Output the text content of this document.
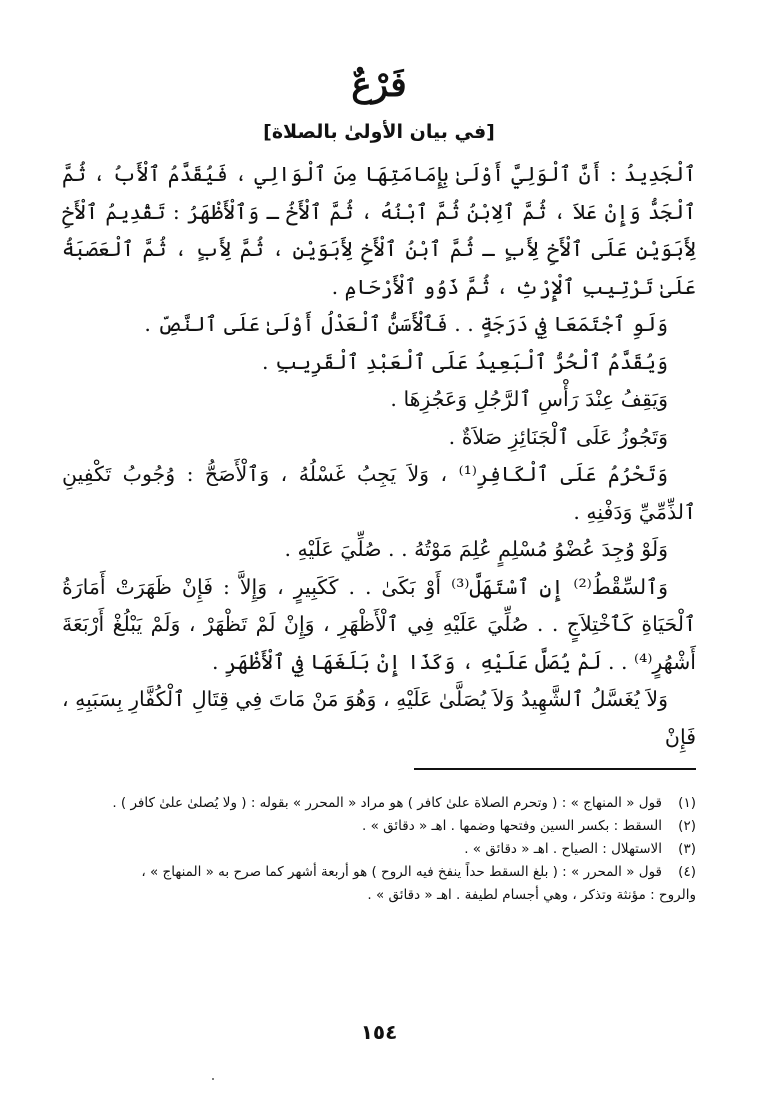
فَرْعٌ
[في بيان الأولىٰ بالصلاة]

ٱلْجَدِيدُ : أَنَّ ٱلْوَلِيَّ أَوْلَىٰ بِإِمَامَتِهَا مِنَ ٱلْوَالِي ، فَيُقَدَّمُ ٱلْأَبُ ، ثُمَّ ٱلْجَدُّ وَإِنْ عَلاَ ، ثُمَّ ٱلِابْنُ ثُمَّ ٱبْنُهُ ، ثُمَّ ٱلْأَخُ ـ وَٱلْأَظْهَرُ : تَقْدِيمُ ٱلْأَخِ لِأَبَوَيْنِ عَلَى ٱلْأَخِ لِأَبٍ ـ ثُمَّ ٱبْنُ ٱلْأَخِ لِأَبَوَيْنِ ، ثُمَّ لِأَبٍ ، ثُمَّ ٱلْعَصَبَةُ عَلَىٰ تَرْتِيبِ ٱلْإِرْثِ ، ثُمَّ ذَوُو ٱلْأَرْحَامِ .

وَلَوِ ٱجْتَمَعَا فِي دَرَجَةٍ . . فَٱلْأَسَنُّ ٱلْعَدْلُ أَوْلَىٰ عَلَى ٱلنَّصِّ .

وَيُقَدَّمُ ٱلْحُرُّ ٱلْبَعِيدُ عَلَى ٱلْعَبْدِ ٱلْقَرِيبِ .

وَيَقِفُ عِنْدَ رَأْسِ ٱلرَّجُلِ وَعَجُزِهَا .

وَتَجُوزُ عَلَى ٱلْجَنَائِزِ صَلاَةٌ .

وَتَحْرُمُ عَلَى ٱلْكَافِرِ⁽¹⁾ ، وَلاَ يَجِبُ غَسْلُهُ ، وَٱلْأَصَحُّ : وُجُوبُ تَكْفِينِ ٱلذِّمِّيِّ وَدَفْنِهِ .

وَلَوْ وُجِدَ عُضْوُ مُسْلِمٍ عُلِمَ مَوْتُهُ . . صُلِّيَ عَلَيْهِ .

وَٱلسِّقْطُ⁽²⁾ إِنِ ٱسْتَهَلَّ⁽³⁾ أَوْ بَكَىٰ . . كَكَبِيرٍ ، وَإِلاَّ : فَإِنْ ظَهَرَتْ أَمَارَةُ ٱلْحَيَاةِ كَٱخْتِلاَجٍ . . صُلِّيَ عَلَيْهِ فِي ٱلْأَظْهَرِ ، وَإِنْ لَمْ تَظْهَرْ ، وَلَمْ يَبْلُغْ أَرْبَعَةَ أَشْهُرٍ⁽⁴⁾ . . لَمْ يُصَلَّ عَلَيْهِ ، وَكَذَا إِنْ بَلَغَهَا فِي ٱلْأَظْهَرِ .

وَلاَ يُغَسَّلُ ٱلشَّهِيدُ وَلاَ يُصَلَّىٰ عَلَيْهِ ، وَهُوَ مَنْ مَاتَ فِي قِتَالِ ٱلْكُفَّارِ بِسَبَبِهِ ، فَإِنْ

(١)
قول « المنهاج » : ( وتحرم الصلاة علىٰ كافر ) هو مراد « المحرر » بقوله : ( ولا يُصلىٰ علىٰ كافر ) .
(٢)
السقط : بكسر السين وفتحها وضمها . اهـ « دقائق » .
(٣)
الاستهلال : الصياح . اهـ « دقائق » .
(٤)
قول « المحرر » : ( بلغ السقط حداً ينفخ فيه الروح ) هو أربعة أشهر كما صرح به « المنهاج » ،
والروح : مؤنثة وتذكر ، وهي أجسام لطيفة . اهـ « دقائق » .
١٥٤
